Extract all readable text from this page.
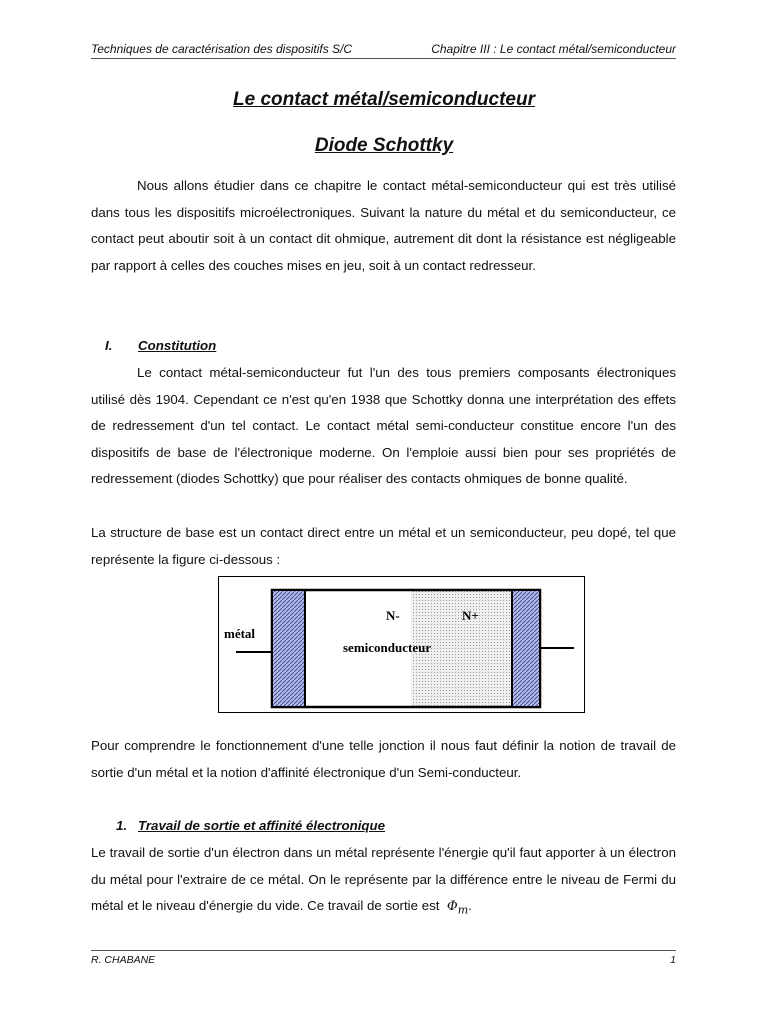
Techniques de caractérisation des dispositifs S/C	Chapitre III : Le contact métal/semiconducteur
Le contact métal/semiconducteur
Diode Schottky

Nous allons étudier dans ce chapitre le contact métal-semiconducteur qui est très utilisé dans tous les dispositifs microélectroniques. Suivant la nature du métal et du semiconducteur, ce contact peut aboutir soit à un contact dit ohmique, autrement dit dont la résistance est négligeable par rapport à celles des couches mises en jeu, soit à un contact redresseur.

I. Constitution

Le contact métal-semiconducteur fut l'un des tous premiers composants électroniques utilisé dès 1904. Cependant ce n'est qu'en 1938 que Schottky donna une interprétation des effets de redressement d'un tel contact. Le contact métal semi-conducteur constitue encore l'un des dispositifs de base de l'électronique moderne. On l'emploie aussi bien pour ses propriétés de redressement (diodes Schottky) que pour réaliser des contacts ohmiques de bonne qualité.

La structure de base est un contact direct entre un métal et un semiconducteur, peu dopé, tel que représente la figure ci-dessous :

métal
N-	N+
semiconducteur

Pour comprendre le fonctionnement d'une telle jonction il nous faut définir la notion de travail de sortie d'un métal et la notion d'affinité électronique d'un Semi-conducteur.

1. Travail de sortie et affinité électronique

Le travail de sortie d'un électron dans un métal représente l'énergie qu'il faut apporter à un électron du métal pour l'extraire de ce métal. On le représente par la différence entre le niveau de Fermi du métal et le niveau d'énergie du vide. Ce travail de sortie est $\Phi_m$.

R. CHABANE	1
